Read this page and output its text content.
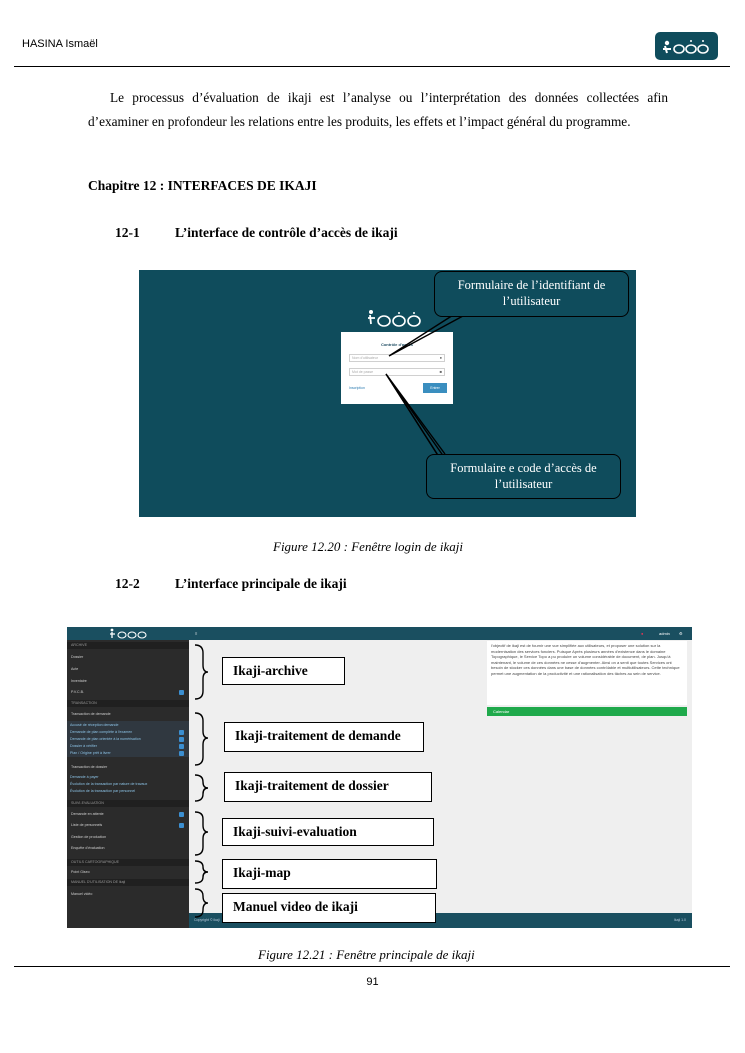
HASINA Ismaël
Le processus d’évaluation de ikaji est l’analyse ou l’interprétation des données collectées afin d’examiner en profondeur les relations entre les produits, les effets et l’impact général du programme.
Chapitre 12 : INTERFACES DE IKAJI
12-1	L’interface de contrôle d’accès de ikaji
Contrôle d'accès
Nom d'utilisateur	●
Mot de passe	■
Inscription	Entrer
Formulaire de l’identifiant de l’utilisateur
Formulaire e code d’accès de l’utilisateur
Figure 12.20 : Fenêtre login de ikaji
12-2	L’interface principale de ikaji
ARCHIVE
Dossier
Acte
Inventaire
P.V.C.B.
TRANSACTION
Transaction de demande
Accusé de réception demande
Demande de plan complète à l'examen
Demande de plan orientée à la numérisation
Dossier à vérifier
Plan / Origine prêt à livrer
Transaction de dossier
Demande à payer
Évolution de la transaction par nature de travaux
Évolution de la transaction par personnel
SUIVI-EVALUATION
Demande en attente
Liste de personnels
Gestion de production
Enquête d'évaluation
OUTILS CARTOGRAPHIQUE
Point Giseo
MANUEL D'UTILISATION DE ikaji
Manuel vidéo
≡	●	admin ⚙
l'objectif de ikaji est de fournir une vue simplifiée aux utilisateurs, et proposer une solution sur la modernisation des services fonciers. Puisque Après plusieurs années d'existence dans le domaine Topographique, le Service Topo a pu produire un volume considérable de document, de plan. Jusqu'à maintenant, le volume de ces données ne cesse d'augmenter. Ainsi on a senti que toutes Services ont besoin de stocker ces données dans une base de données contrôlable et multiutilisateurs. Cette technique permet une augmentation de la productivité et une rationalisation des tâches au sein de service.
Calendar
Copyright © ikaji	Ikaji 1.0
Ikaji-archive
Ikaji-traitement de demande
Ikaji-traitement de dossier
Ikaji-suivi-evaluation
Ikaji-map
Manuel video de ikaji
Figure 12.21 : Fenêtre principale de ikaji
91
